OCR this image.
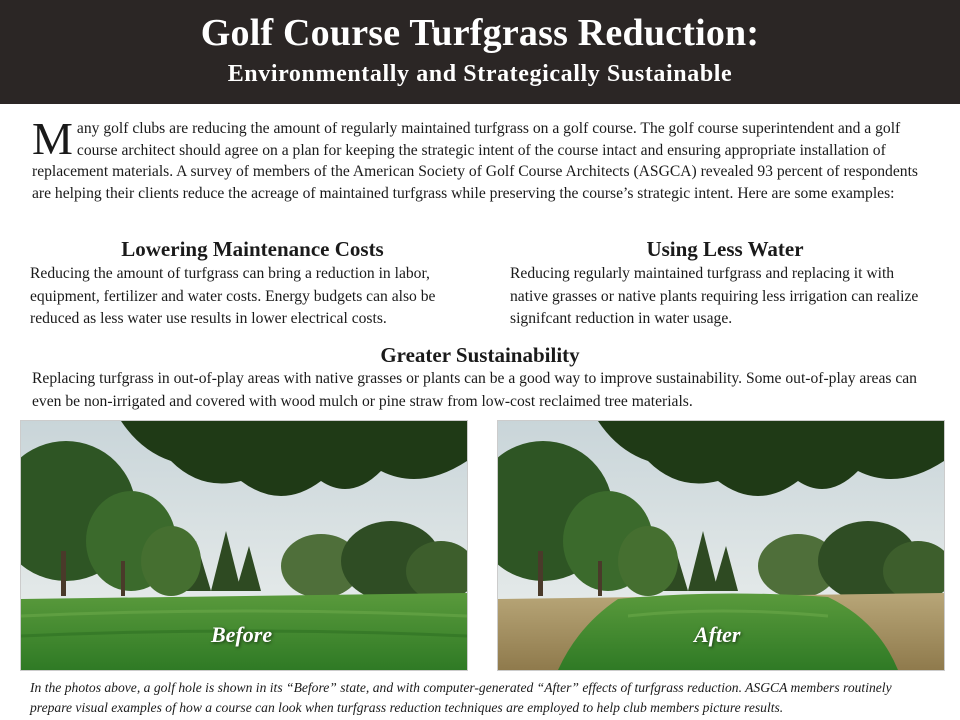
Golf Course Turfgrass Reduction:
Environmentally and Strategically Sustainable
Many golf clubs are reducing the amount of regularly maintained turfgrass on a golf course. The golf course superintendent and a golf course architect should agree on a plan for keeping the strategic intent of the course intact and ensuring appropriate installation of replacement materials. A survey of members of the American Society of Golf Course Architects (ASGCA) revealed 93 percent of respondents are helping their clients reduce the acreage of maintained turfgrass while preserving the course’s strategic intent. Here are some examples:
Lowering Maintenance Costs
Reducing the amount of turfgrass can bring a reduction in labor, equipment, fertilizer and water costs. Energy budgets can also be reduced as less water use results in lower electrical costs.
Using Less Water
Reducing regularly maintained turfgrass and replacing it with native grasses or native plants requiring less irrigation can realize signifcant reduction in water usage.
Greater Sustainability
Replacing turfgrass in out-of-play areas with native grasses or plants can be a good way to improve sustainability. Some out-of-play areas can even be non-irrigated and covered with wood mulch or pine straw from low-cost reclaimed tree materials.
Before	After
In the photos above, a golf hole is shown in its “Before” state, and with computer-generated “After” effects of turfgrass reduction. ASGCA members routinely prepare visual examples of how a course can look when turfgrass reduction techniques are employed to help club members picture results.
